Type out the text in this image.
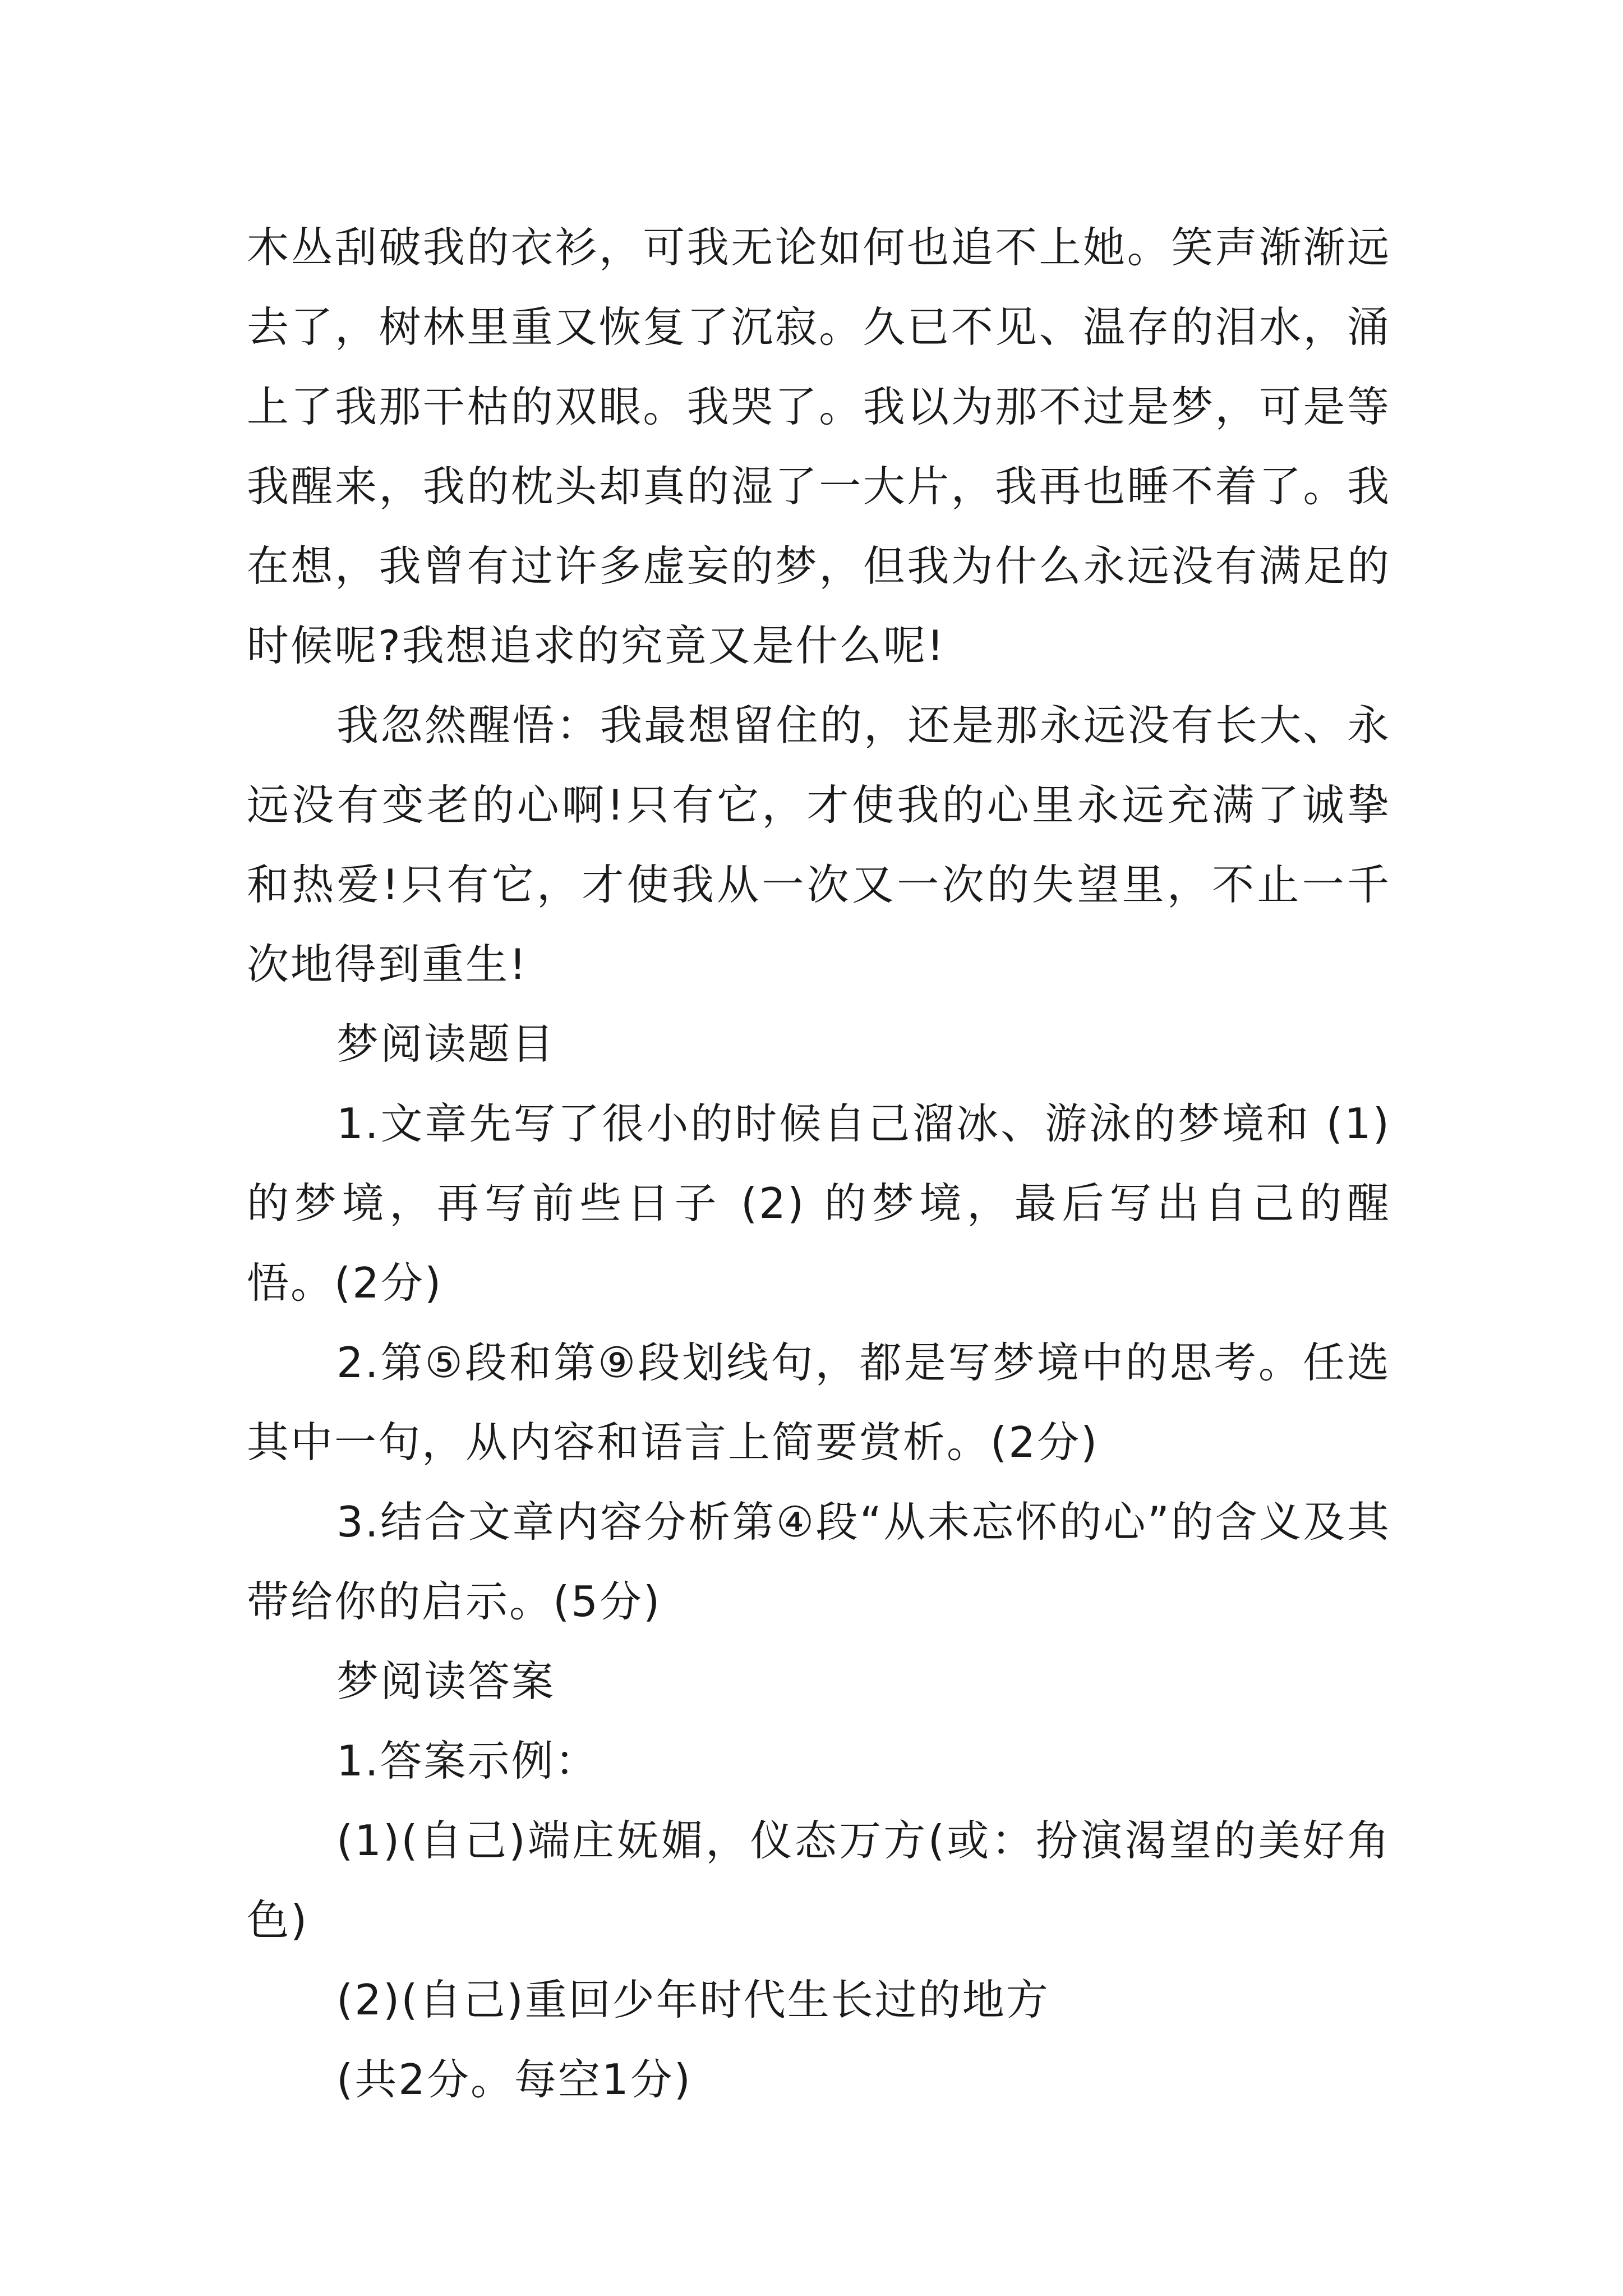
木丛刮破我的衣衫，可我无论如何也追不上她。笑声渐渐远去了，树林里重又恢复了沉寂。久已不见、温存的泪水，涌上了我那干枯的双眼。我哭了。我以为那不过是梦，可是等我醒来，我的枕头却真的湿了一大片，我再也睡不着了。我在想，我曾有过许多虚妄的梦，但我为什么永远没有满足的时候呢?我想追求的究竟又是什么呢!

我忽然醒悟：我最想留住的，还是那永远没有长大、永远没有变老的心啊!只有它，才使我的心里永远充满了诚挚和热爱!只有它，才使我从一次又一次的失望里，不止一千次地得到重生!

梦阅读题目

1.文章先写了很小的时候自己溜冰、游泳的梦境和 (1) 的梦境，再写前些日子 (2) 的梦境，最后写出自己的醒悟。(2分)

2.第⑤段和第⑨段划线句，都是写梦境中的思考。任选其中一句，从内容和语言上简要赏析。(2分)

3.结合文章内容分析第④段“从未忘怀的心”的含义及其带给你的启示。(5分)

梦阅读答案

1.答案示例：

(1)(自己)端庄妩媚，仪态万方(或：扮演渴望的美好角色)

(2)(自己)重回少年时代生长过的地方

(共2分。每空1分)
